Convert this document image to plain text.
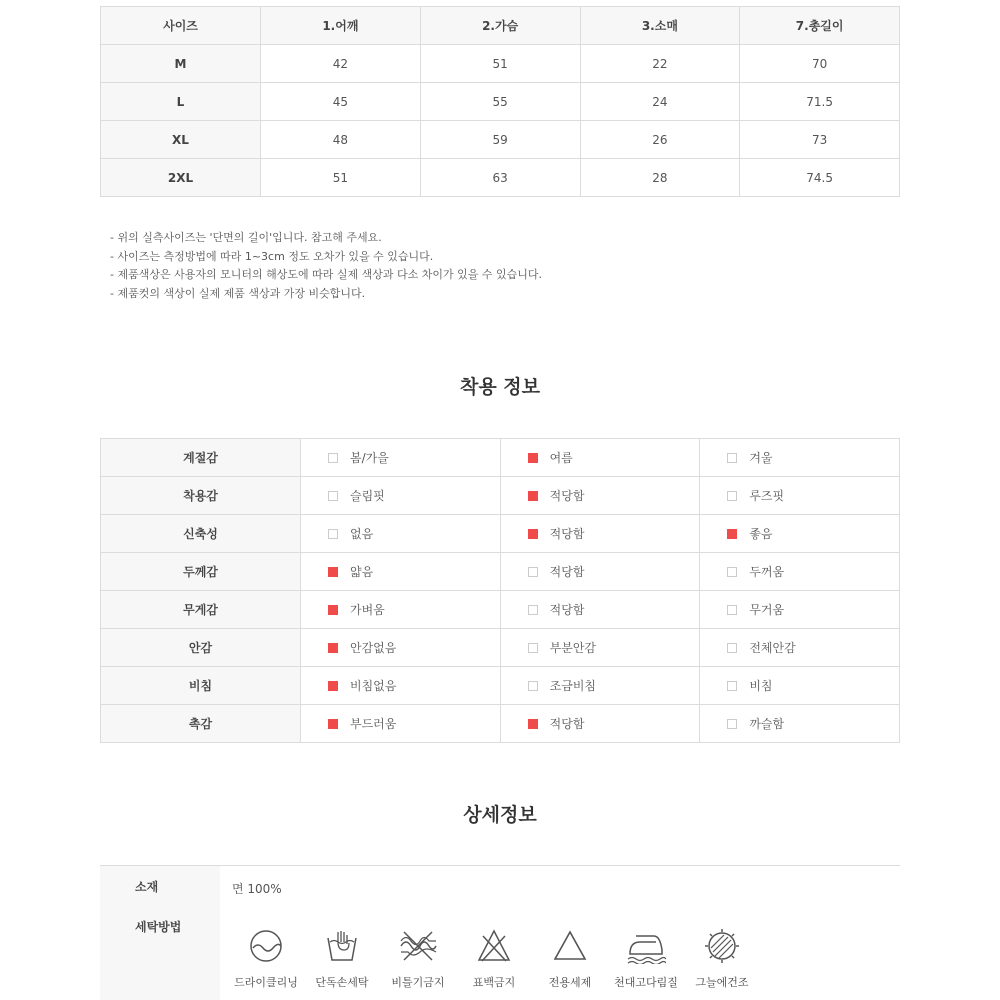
사이즈	1.어깨	2.가슴	3.소매	7.총길이
M	42	51	22	70
L	45	55	24	71.5
XL	48	59	26	73
2XL	51	63	28	74.5
- 위의 실측사이즈는 '단면의 길이'입니다. 참고해 주세요.
- 사이즈는 측정방법에 따라 1~3cm 정도 오차가 있을 수 있습니다.
- 제품색상은 사용자의 모니터의 해상도에 따라 실제 색상과 다소 차이가 있을 수 있습니다.
- 제품컷의 색상이 실제 제품 색상과 가장 비슷합니다.
착용 정보
계절감	봄/가을	여름	겨울
착용감	슬림핏	적당함	루즈핏
신축성	없음	적당함	좋음
두께감	얇음	적당함	두꺼움
무게감	가벼움	적당함	무거움
안감	안감없음	부분안감	전체안감
비침	비침없음	조금비침	비침
촉감	부드러움	적당함	까슬함
상세정보
소재	면 100%
세탁방법
드라이클리닝	단독손세탁	비틀기금지	표백금지	전용세제	천대고다림질	그늘에건조
